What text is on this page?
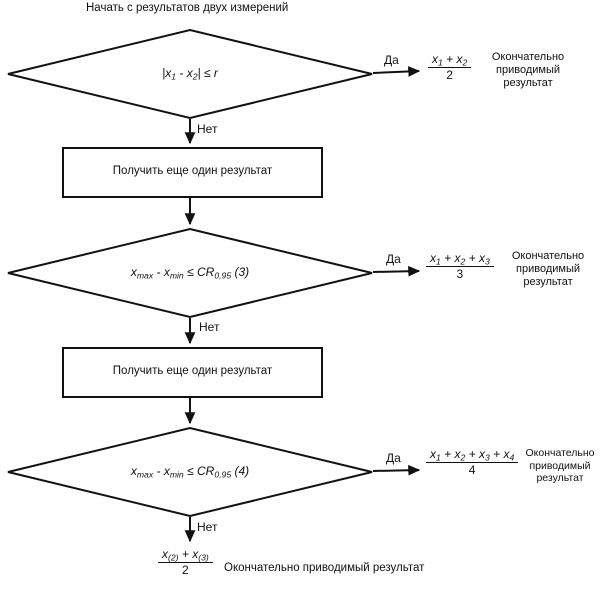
Начать с результатов двух измерений
$|x_1 - x_2| \le r$
$x_{max} - x_{min} \le CR_{0,95}$ (3)
$x_{max} - x_{min} \le CR_{0,95}$ (4)
Получить еще один результат
Получить еще один результат
Да
Да
Да
Нет
Нет
Нет
$\frac{x_1 + x_2}{2}$
$\frac{x_1 + x_2 + x_3}{3}$
$\frac{x_1 + x_2 + x_3 + x_4}{4}$
$\frac{x_{(2)} + x_{(3)}}{2}$
Окончательно приводимый результат
Окончательно приводимый результат
Окончательно приводимый результат
Окончательно приводимый результат
